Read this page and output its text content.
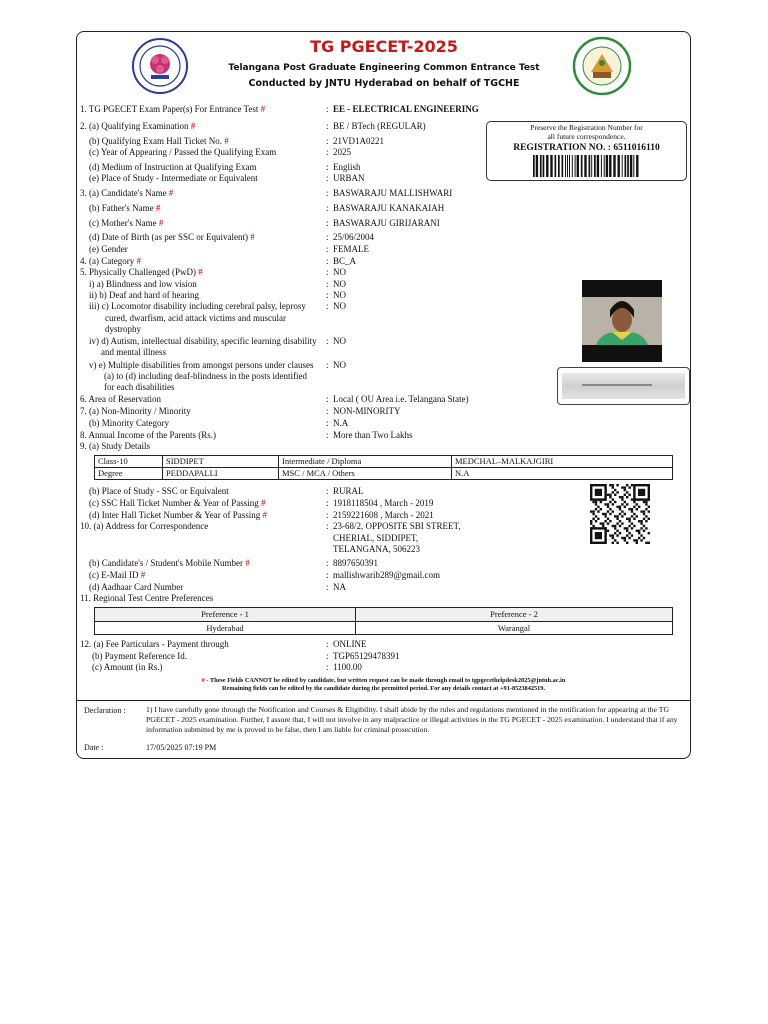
TG PGECET-2025
Telangana Post Graduate Engineering Common Entrance Test
Conducted by JNTU Hyderabad on behalf of TGCHE
Preserve the Registration Number for
all future correspondence.
REGISTRATION NO. : 6511016110
1. TG PGECET Exam Paper(s) For Entrance Test #	: EE - ELECTRICAL ENGINEERING
2. (a) Qualifying Examination #	: BE / BTech (REGULAR)
(b) Qualifying Exam Hall Ticket No. #	: 21VD1A0221
(c) Year of Appearing / Passed the Qualifying Exam	: 2025
(d) Medium of Instruction at Qualifying Exam	: English
(e) Place of Study - Intermediate or Equivalent	: URBAN
3. (a) Candidate's Name #	: BASWARAJU MALLISHWARI
(b) Father's Name #	: BASWARAJU KANAKAIAH
(c) Mother's Name #	: BASWARAJU GIRIJARANI
(d) Date of Birth (as per SSC or Equivalent) #	: 25/06/2004
(e) Gender	: FEMALE
4. (a) Category #	: BC_A
5. Physically Challenged (PwD) #	: NO
i) a) Blindness and low vision	: NO
ii) b) Deaf and hard of hearing	: NO
iii) c) Locomotor disability including cerebral palsy, leprosy : NO
cured, dwarfism, acid attack victims and muscular
dystrophy
iv) d) Autism, intellectual disability, specific learning disability : NO
and mental illness
v) e) Multiple disabilities from amongst persons under clauses : NO
(a) to (d) including deaf-blindness in the posts identified
for each disabilities
6. Area of Reservation	: Local ( OU Area i.e. Telangana State)
7. (a) Non-Minority / Minority	: NON-MINORITY
(b) Minority Category	: N.A
8. Annual Income of the Parents (Rs.)	: More than Two Lakhs
9. (a) Study Details
Class-10	SIDDIPET	Intermediate / Diploma	MEDCHAL–MALKAJGIRI
Degree	PEDDAPALLI	MSC / MCA / Others	N.A
(b) Place of Study - SSC or Equivalent	: RURAL
(c) SSC Hall Ticket Number & Year of Passing #	: 1918118504 , March - 2019
(d) Inter Hall Ticket Number & Year of Passing #	: 2159221608 , March - 2021
10. (a) Address for Correspondence	: 23-68/2, OPPOSITE SBI STREET,
CHERIAL, SIDDIPET,
TELANGANA, 506223
(b) Candidate's / Student's Mobile Number #	: 8897650391
(c) E-Mail ID #	: mallishwarib289@gmail.com
(d) Aadhaar Card Number	: NA
11. Regional Test Centre Preferences
Preference - 1	Preference - 2
Hyderabad	Warangal
12. (a) Fee Particulars - Payment through	: ONLINE
(b) Payment Reference Id.	: TGP65129478391
(c) Amount (in Rs.)	: 1100.00
# - These Fields CANNOT be edited by candidate, but written request can be made through email to tgpgecethelpdesk2025@jntuh.ac.in
Remaining fields can be edited by the candidate during the permitted period. For any details contact at +91-8523842519.
Declaration :	1) I have carefully gone through the Notification and Courses & Eligibility. I shall abide by the rules and regulations mentioned in the notification for appearing at the TG PGECET - 2025 examination. Further, I assure that, I will not involve in any malpractice or illegal activities in the TG PGECET - 2025 examination. I understand that if any information submitted by me is proved to be false, then I am liable for criminal prosecution.
Date :	17/05/2025 07:19 PM
